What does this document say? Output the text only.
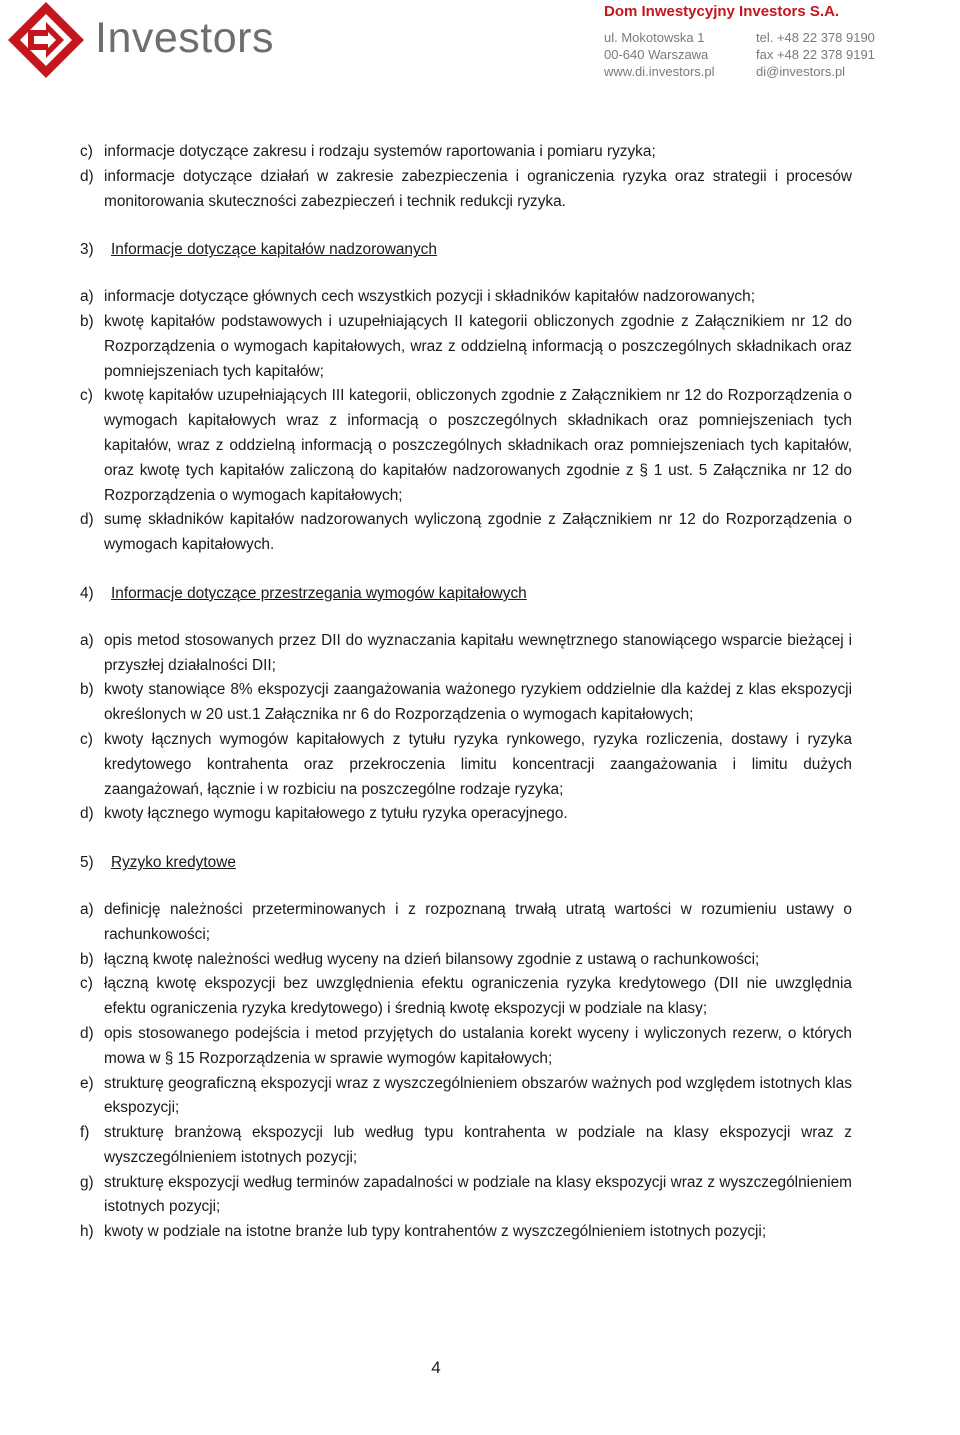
Investors
Dom Inwestycyjny Investors S.A.
ul. Mokotowska 1
00-640 Warszawa
www.di.investors.pl
tel. +48 22 378 9190
fax +48 22 378 9191
di@investors.pl
c) informacje dotyczące zakresu i rodzaju systemów raportowania i pomiaru ryzyka;
d) informacje dotyczące działań w zakresie zabezpieczenia i ograniczenia ryzyka oraz strategii i procesów monitorowania skuteczności zabezpieczeń i technik redukcji ryzyka.
3)	Informacje dotyczące kapitałów nadzorowanych
a) informacje dotyczące głównych cech wszystkich pozycji i składników kapitałów nadzorowanych;
b) kwotę kapitałów podstawowych i uzupełniających II kategorii obliczonych zgodnie z Załącznikiem nr 12 do Rozporządzenia o wymogach kapitałowych, wraz z oddzielną informacją o poszczególnych składnikach oraz pomniejszeniach tych kapitałów;
c) kwotę kapitałów uzupełniających III kategorii, obliczonych zgodnie z Załącznikiem nr 12 do Rozporządzenia o wymogach kapitałowych wraz z informacją o poszczególnych składnikach oraz pomniejszeniach tych kapitałów, wraz z oddzielną informacją o poszczególnych składnikach oraz pomniejszeniach tych kapitałów, oraz kwotę tych kapitałów zaliczoną do kapitałów nadzorowanych zgodnie z § 1 ust. 5 Załącznika nr 12 do Rozporządzenia o wymogach kapitałowych;
d) sumę składników kapitałów nadzorowanych wyliczoną zgodnie z Załącznikiem nr 12 do Rozporządzenia o wymogach kapitałowych.
4)	Informacje dotyczące przestrzegania wymogów kapitałowych
a) opis metod stosowanych przez DII do wyznaczania kapitału wewnętrznego stanowiącego wsparcie bieżącej i przyszłej działalności DII;
b) kwoty stanowiące 8% ekspozycji zaangażowania ważonego ryzykiem oddzielnie dla każdej z klas ekspozycji określonych w 20 ust.1 Załącznika nr 6 do Rozporządzenia o wymogach kapitałowych;
c) kwoty łącznych wymogów kapitałowych z tytułu ryzyka rynkowego, ryzyka rozliczenia, dostawy i ryzyka kredytowego kontrahenta oraz przekroczenia limitu koncentracji zaangażowania i limitu dużych zaangażowań, łącznie i w rozbiciu na poszczególne rodzaje ryzyka;
d) kwoty łącznego wymogu kapitałowego z tytułu ryzyka operacyjnego.
5)	Ryzyko kredytowe
a) definicję należności przeterminowanych i z rozpoznaną trwałą utratą wartości w rozumieniu ustawy o rachunkowości;
b) łączną kwotę należności według wyceny na dzień bilansowy zgodnie z ustawą o rachunkowości;
c) łączną kwotę ekspozycji bez uwzględnienia efektu ograniczenia ryzyka kredytowego (DII nie uwzględnia efektu ograniczenia ryzyka kredytowego) i średnią kwotę ekspozycji w podziale na klasy;
d) opis stosowanego podejścia i metod przyjętych do ustalania korekt wyceny i wyliczonych rezerw, o których mowa w § 15 Rozporządzenia w sprawie wymogów kapitałowych;
e) strukturę geograficzną ekspozycji wraz z wyszczególnieniem obszarów ważnych pod względem istotnych klas ekspozycji;
f) strukturę branżową ekspozycji lub według typu kontrahenta w podziale na klasy ekspozycji wraz z wyszczególnieniem istotnych pozycji;
g) strukturę ekspozycji według terminów zapadalności w podziale na klasy ekspozycji wraz z wyszczególnieniem istotnych pozycji;
h) kwoty w podziale na istotne branże lub typy kontrahentów z wyszczególnieniem istotnych pozycji;
4
